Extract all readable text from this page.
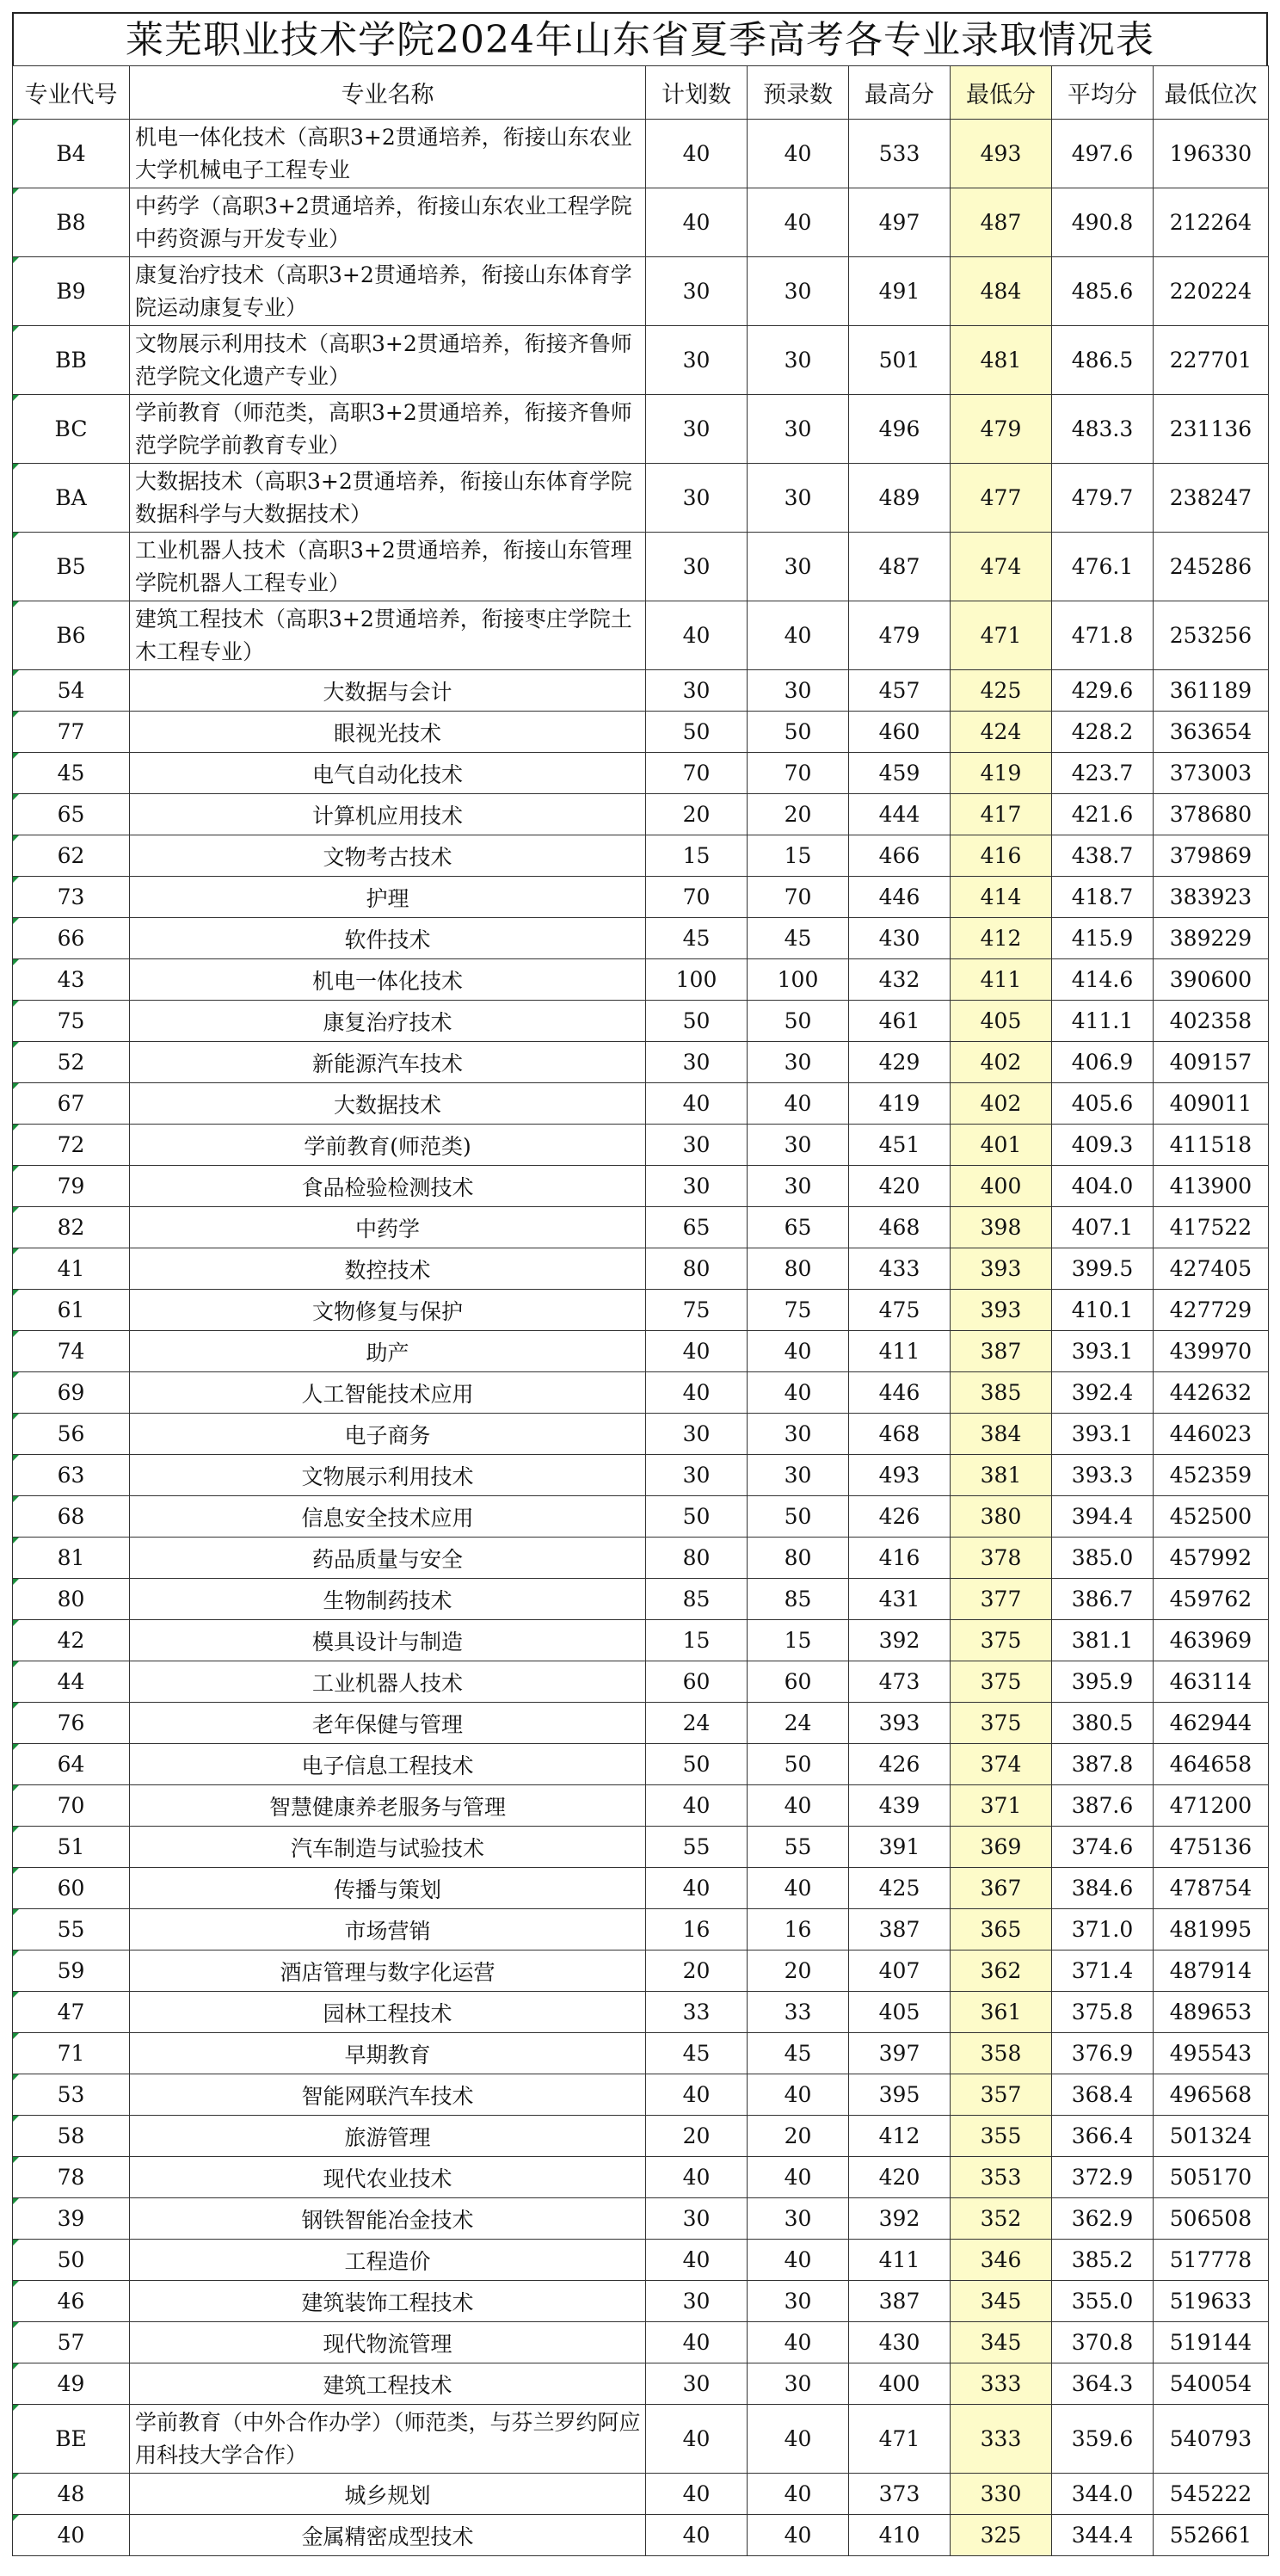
莱芜职业技术学院2024年山东省夏季高考各专业录取情况表
专业代号	专业名称	计划数	预录数	最高分	最低分	平均分	最低位次
B4	机电一体化技术（高职3+2贯通培养，衔接山东农业大学机械电子工程专业	40	40	533	493	497.6	196330
B8	中药学（高职3+2贯通培养，衔接山东农业工程学院中药资源与开发专业）	40	40	497	487	490.8	212264
B9	康复治疗技术（高职3+2贯通培养，衔接山东体育学院运动康复专业）	30	30	491	484	485.6	220224
BB	文物展示利用技术（高职3+2贯通培养，衔接齐鲁师范学院文化遗产专业）	30	30	501	481	486.5	227701
BC	学前教育（师范类，高职3+2贯通培养，衔接齐鲁师范学院学前教育专业）	30	30	496	479	483.3	231136
BA	大数据技术（高职3+2贯通培养，衔接山东体育学院数据科学与大数据技术）	30	30	489	477	479.7	238247
B5	工业机器人技术（高职3+2贯通培养，衔接山东管理学院机器人工程专业）	30	30	487	474	476.1	245286
B6	建筑工程技术（高职3+2贯通培养，衔接枣庄学院土木工程专业）	40	40	479	471	471.8	253256
54	大数据与会计	30	30	457	425	429.6	361189
77	眼视光技术	50	50	460	424	428.2	363654
45	电气自动化技术	70	70	459	419	423.7	373003
65	计算机应用技术	20	20	444	417	421.6	378680
62	文物考古技术	15	15	466	416	438.7	379869
73	护理	70	70	446	414	418.7	383923
66	软件技术	45	45	430	412	415.9	389229
43	机电一体化技术	100	100	432	411	414.6	390600
75	康复治疗技术	50	50	461	405	411.1	402358
52	新能源汽车技术	30	30	429	402	406.9	409157
67	大数据技术	40	40	419	402	405.6	409011
72	学前教育(师范类)	30	30	451	401	409.3	411518
79	食品检验检测技术	30	30	420	400	404.0	413900
82	中药学	65	65	468	398	407.1	417522
41	数控技术	80	80	433	393	399.5	427405
61	文物修复与保护	75	75	475	393	410.1	427729
74	助产	40	40	411	387	393.1	439970
69	人工智能技术应用	40	40	446	385	392.4	442632
56	电子商务	30	30	468	384	393.1	446023
63	文物展示利用技术	30	30	493	381	393.3	452359
68	信息安全技术应用	50	50	426	380	394.4	452500
81	药品质量与安全	80	80	416	378	385.0	457992
80	生物制药技术	85	85	431	377	386.7	459762
42	模具设计与制造	15	15	392	375	381.1	463969
44	工业机器人技术	60	60	473	375	395.9	463114
76	老年保健与管理	24	24	393	375	380.5	462944
64	电子信息工程技术	50	50	426	374	387.8	464658
70	智慧健康养老服务与管理	40	40	439	371	387.6	471200
51	汽车制造与试验技术	55	55	391	369	374.6	475136
60	传播与策划	40	40	425	367	384.6	478754
55	市场营销	16	16	387	365	371.0	481995
59	酒店管理与数字化运营	20	20	407	362	371.4	487914
47	园林工程技术	33	33	405	361	375.8	489653
71	早期教育	45	45	397	358	376.9	495543
53	智能网联汽车技术	40	40	395	357	368.4	496568
58	旅游管理	20	20	412	355	366.4	501324
78	现代农业技术	40	40	420	353	372.9	505170
39	钢铁智能冶金技术	30	30	392	352	362.9	506508
50	工程造价	40	40	411	346	385.2	517778
46	建筑装饰工程技术	30	30	387	345	355.0	519633
57	现代物流管理	40	40	430	345	370.8	519144
49	建筑工程技术	30	30	400	333	364.3	540054
BE	学前教育（中外合作办学）（师范类，与芬兰罗约阿应用科技大学合作）	40	40	471	333	359.6	540793
48	城乡规划	40	40	373	330	344.0	545222
40	金属精密成型技术	40	40	410	325	344.4	552661
